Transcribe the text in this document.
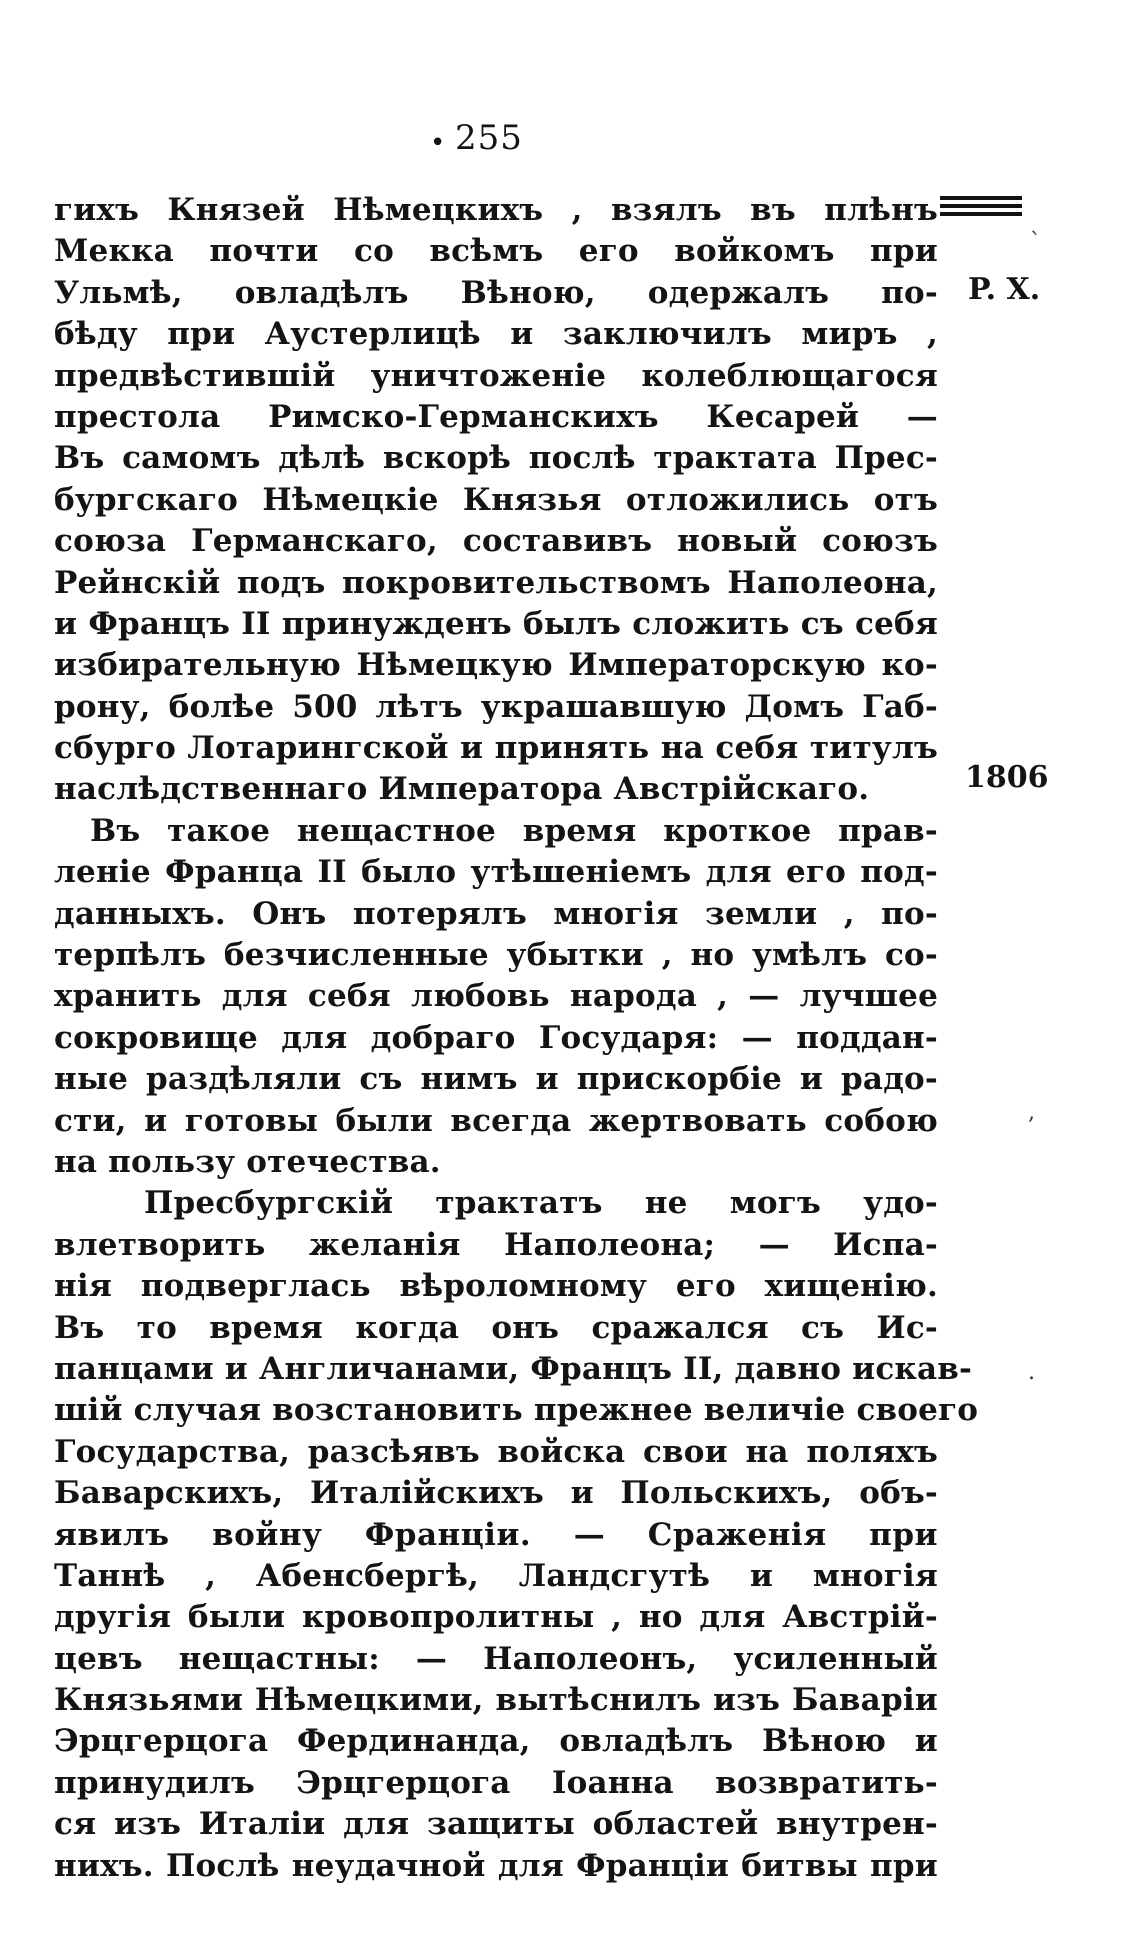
• 255
P. X.
1806
`
,
.
гихъ Князей Нѣмецкихъ , взялъ въ плѣнъ
Мекка почти со всѣмъ его войкомъ при
Ульмѣ, овладѣлъ Вѣною, одержалъ по-
бѣду при Аустерлицѣ и заключилъ миръ ,
предвѣстившій уничтоженіе колеблющагося
престола Римско-Германскихъ Кесарей —
Въ самомъ дѣлѣ вскорѣ послѣ трактата Прес-
бургскаго Нѣмецкіе Князья отложились отъ
союза Германскаго, составивъ новый союзъ
Рейнскій подъ покровительствомъ Наполеона,
и Францъ II принужденъ былъ сложить съ себя
избирательную Нѣмецкую Императорскую ко-
рону, болѣе 500 лѣтъ украшавшую Домъ Габ-
сбурго Лотарингской и принять на себя титулъ
наслѣдственнаго Императора Австрійскаго.
Въ такое нещастное время кроткое прав-
леніе Франца II было утѣшеніемъ для его под-
данныхъ. Онъ потерялъ многія земли , по-
терпѣлъ безчисленные убытки , но умѣлъ со-
хранить для себя любовь народа , — лучшее
сокровище для добраго Государя: — поддан-
ные раздѣляли съ нимъ и прискорбіе и радо-
сти, и готовы были всегда жертвовать собою
на пользу отечества.
Пресбургскій трактатъ не могъ удо-
влетворить желанія Наполеона; — Испа-
нія подверглась вѣроломному его хищенію.
Въ то время когда онъ сражался съ Ис-
панцами и Англичанами, Францъ II, давно искав-
шій случая возстановить прежнее величіе своего
Государства, разсѣявъ войска свои на поляхъ
Баварскихъ, Италійскихъ и Польскихъ, объ-
явилъ войну Франціи. — Сраженія при
Таннѣ , Абенсбергѣ, Ландсгутѣ и многія
другія были кровопролитны , но для Австрій-
цевъ нещастны: — Наполеонъ, усиленный
Князьями Нѣмецкими, вытѣснилъ изъ Баваріи
Эрцгерцога Фердинанда, овладѣлъ Вѣною и
принудилъ Эрцгерцога Іоанна возвратить-
ся изъ Италіи для защиты областей внутрен-
нихъ. Послѣ неудачной для Франціи битвы при
